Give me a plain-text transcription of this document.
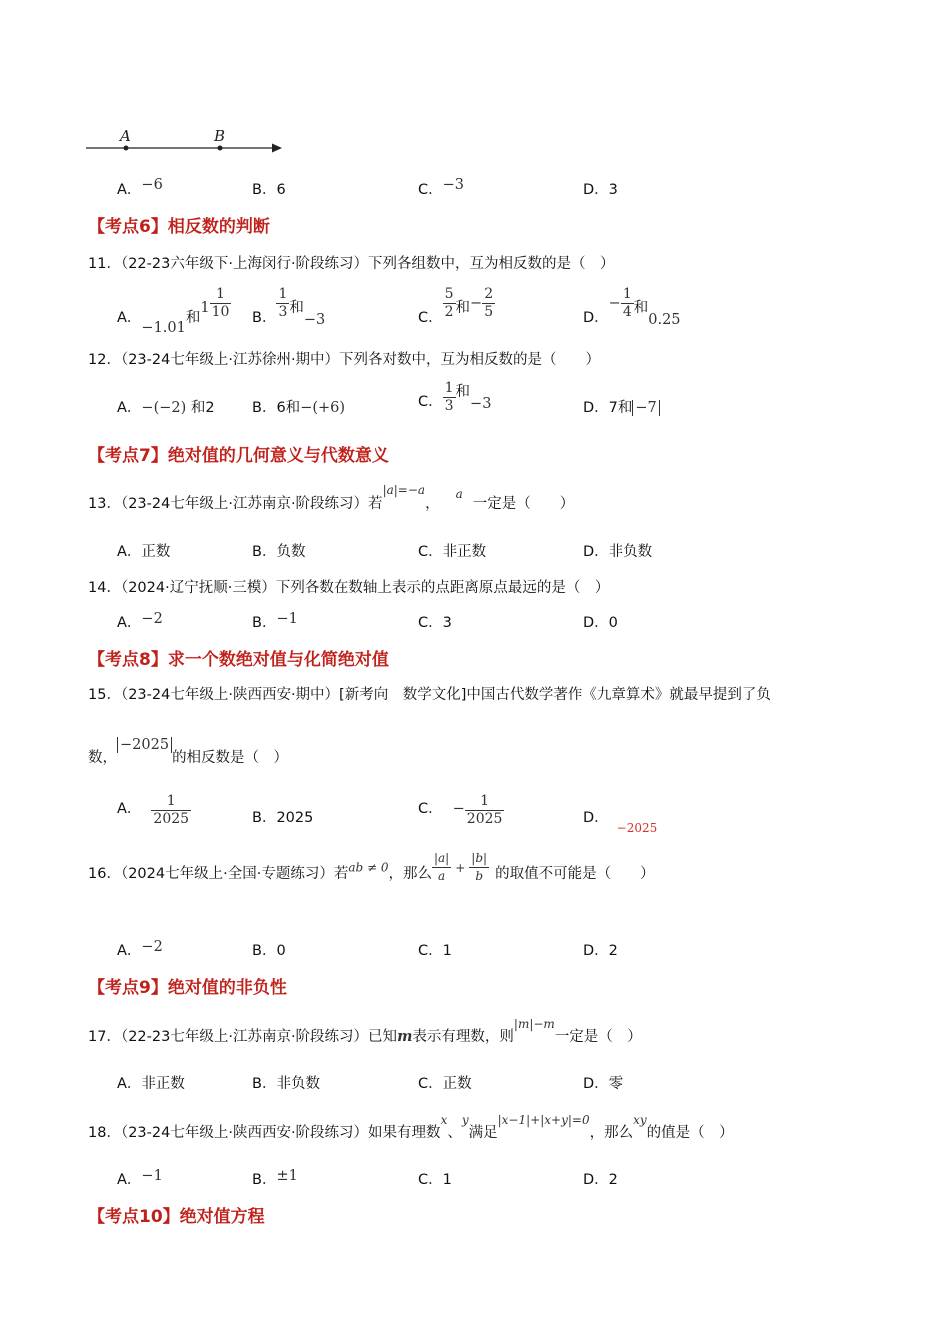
A	B
A．−6	B．6	C．−3	D．3
【考点6】相反数的判断
11．（22-23六年级下·上海闵行·阶段练习）下列各组数中，互为相反数的是（　）
A．−1.01和$1 \frac{1}{10}$ B． $\frac{1}{3}$ 和−3	C． $\frac{5}{2}$ 和− $\frac{2}{5}$	D．− $\frac{1}{4}$ 和0.25
12．（23-24七年级上·江苏徐州·期中）下列各对数中，互为相反数的是（　　）
A．−(−2) 和2	B．6和−(+6)	C． $\frac{1}{3}$ 和−3	D．7和 −7
【考点7】绝对值的几何意义与代数意义
13．（23-24七年级上·江苏南京·阶段练习）若|a|=−a，$_a$一定是（　　）
A．正数	B．负数	C．非正数	D．非负数
14．（2024·辽宁抚顺·三模）下列各数在数轴上表示的点距离原点最远的是（　）
A．−2	B．−1	C．3	D．0
【考点8】求一个数绝对值与化简绝对值
15．（23-24七年级上·陕西西安·期中）[新考向　数学文化]中国古代数学著作《九章算术》就最早提到了负
数，−2025的相反数是（　）
A． $\frac{1}{2025}$	B．2025
C． − $\frac{1}{2025}$	D．$_{-2025}$
16．（2024七年级上·全国·专题练习）若ab ≠ 0，那么 $\frac{|a|}{a} + \frac{|b|}{b}$ 的取值不可能是（　　）
A．−2	B．0	C．1	D．2
【考点9】绝对值的非负性
17．（22-23七年级上·江苏南京·阶段练习）已知m表示有理数，则|m|−m一定是（　）
A．非正数	B．非负数	C．正数	D．零
18．（23-24七年级上·陕西西安·阶段练习）如果有理数x、y满足|x−1|+|x+y|=0，那么xy的值是（　）
A．−1	B．±1	C．1	D．2
【考点10】绝对值方程
